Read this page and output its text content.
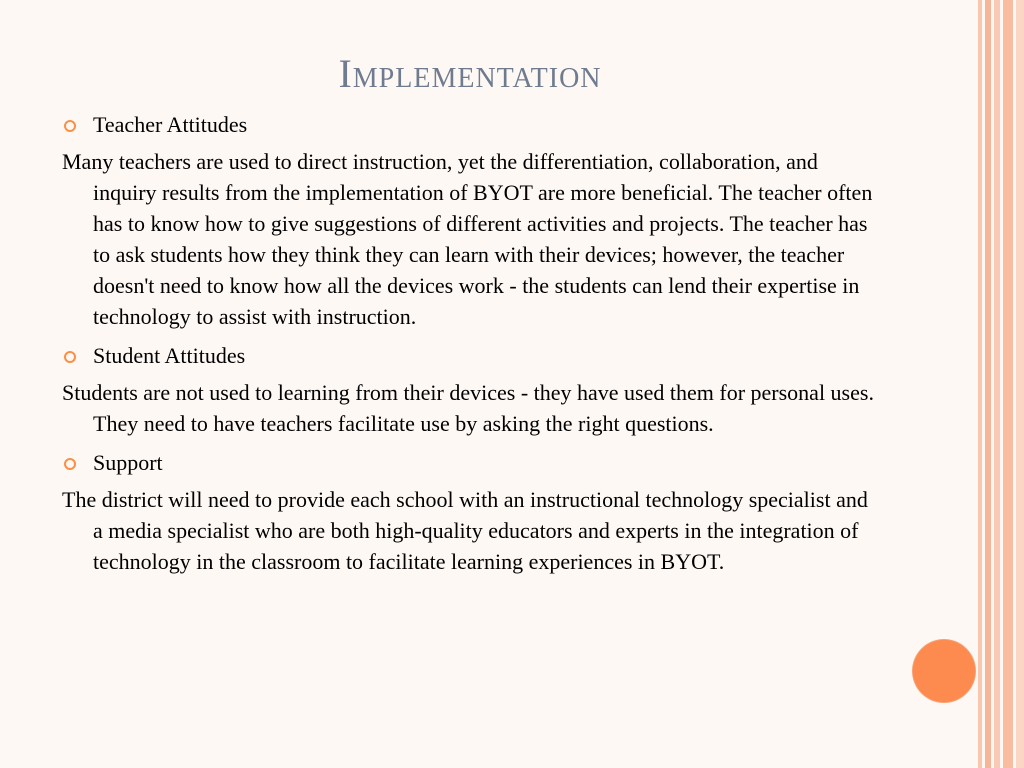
Implementation
Teacher Attitudes
Many teachers are used to direct instruction, yet the differentiation, collaboration, and inquiry results from the implementation of BYOT are more beneficial. The teacher often has to know how to give suggestions of different activities and projects. The teacher has to ask students how they think they can learn with their devices; however, the teacher doesn't need to know how all the devices work - the students can lend their expertise in technology to assist with instruction.
Student Attitudes
Students are not used to learning from their devices - they have used them for personal uses. They need to have teachers facilitate use by asking the right questions.
Support
The district will need to provide each school with an instructional technology specialist and a media specialist who are both high-quality educators and experts in the integration of technology in the classroom to facilitate learning experiences in BYOT.
